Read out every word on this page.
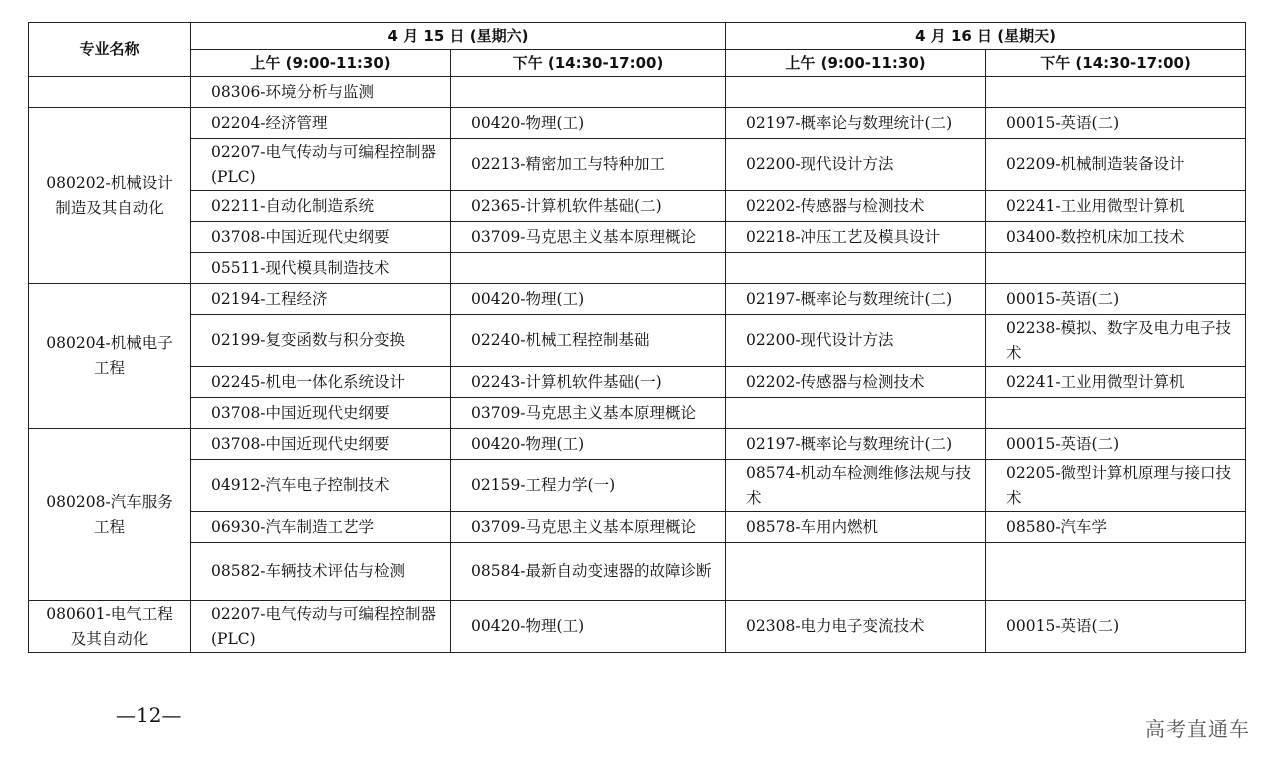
专业名称	4 月 15 日 (星期六)		4 月 16 日 (星期天)	
	上午 (9:00-11:30)	下午 (14:30-17:00)	上午 (9:00-11:30)	下午 (14:30-17:00)
	08306-环境分析与监测			
080202-机械设计制造及其自动化	02204-经济管理	00420-物理(工)	02197-概率论与数理统计(二)	00015-英语(二)
	02207-电气传动与可编程控制器(PLC)	02213-精密加工与特种加工	02200-现代设计方法	02209-机械制造装备设计
	02211-自动化制造系统	02365-计算机软件基础(二)	02202-传感器与检测技术	02241-工业用微型计算机
	03708-中国近现代史纲要	03709-马克思主义基本原理概论	02218-冲压工艺及模具设计	03400-数控机床加工技术
	05511-现代模具制造技术			
080204-机械电子工程	02194-工程经济	00420-物理(工)	02197-概率论与数理统计(二)	00015-英语(二)
	02199-复变函数与积分变换	02240-机械工程控制基础	02200-现代设计方法	02238-模拟、数字及电力电子技术
	02245-机电一体化系统设计	02243-计算机软件基础(一)	02202-传感器与检测技术	02241-工业用微型计算机
	03708-中国近现代史纲要	03709-马克思主义基本原理概论		
080208-汽车服务工程	03708-中国近现代史纲要	00420-物理(工)	02197-概率论与数理统计(二)	00015-英语(二)
	04912-汽车电子控制技术	02159-工程力学(一)	08574-机动车检测维修法规与技术	02205-微型计算机原理与接口技术
	06930-汽车制造工艺学	03709-马克思主义基本原理概论	08578-车用内燃机	08580-汽车学
	08582-车辆技术评估与检测	08584-最新自动变速器的故障诊断		
080601-电气工程及其自动化	02207-电气传动与可编程控制器(PLC)	00420-物理(工)	02308-电力电子变流技术	00015-英语(二)
—12—
高考直通车
